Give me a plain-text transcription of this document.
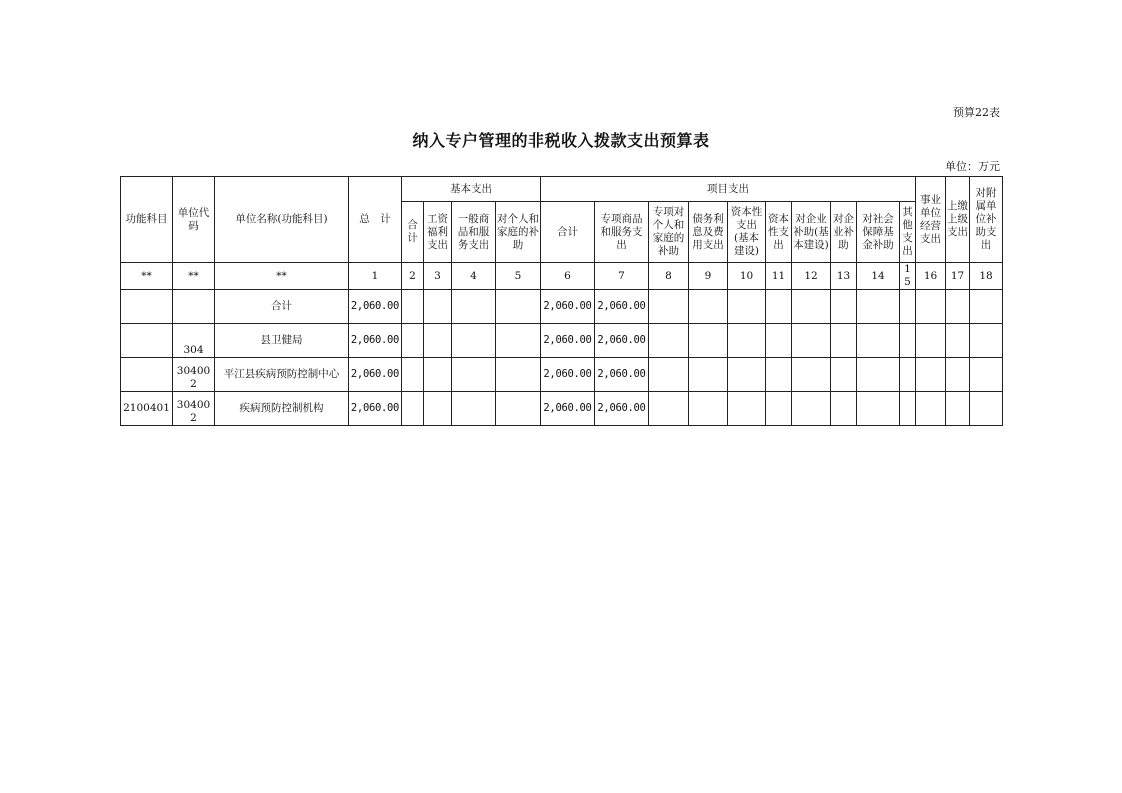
预算22表
纳入专户管理的非税收入拨款支出预算表
单位：万元
功能科目	单位代码	单位名称(功能科目)	总　计	基本支出				项目支出										事业单位经营支出	上缴上级支出	对附属单位补助支出
				合计	工资福利支出	一般商品和服务支出	对个人和家庭的补助	合计	专项商品和服务支出	专项对个人和家庭的补助	债务利息及费用支出	资本性支出(基本建设)	资本性支出	对企业补助(基本建设)	对企业补助	对社会保障基金补助	其他支出			
**	**	**	1	2	3	4	5	6	7	8	9	10	11	12	13	14	15	16	17	18
		合计	2,060.00					2,060.00	2,060.00											
	304	县卫健局	2,060.00					2,060.00	2,060.00											
	304002	平江县疾病预防控制中心	2,060.00					2,060.00	2,060.00											
2100401	304002	疾病预防控制机构	2,060.00					2,060.00	2,060.00											
